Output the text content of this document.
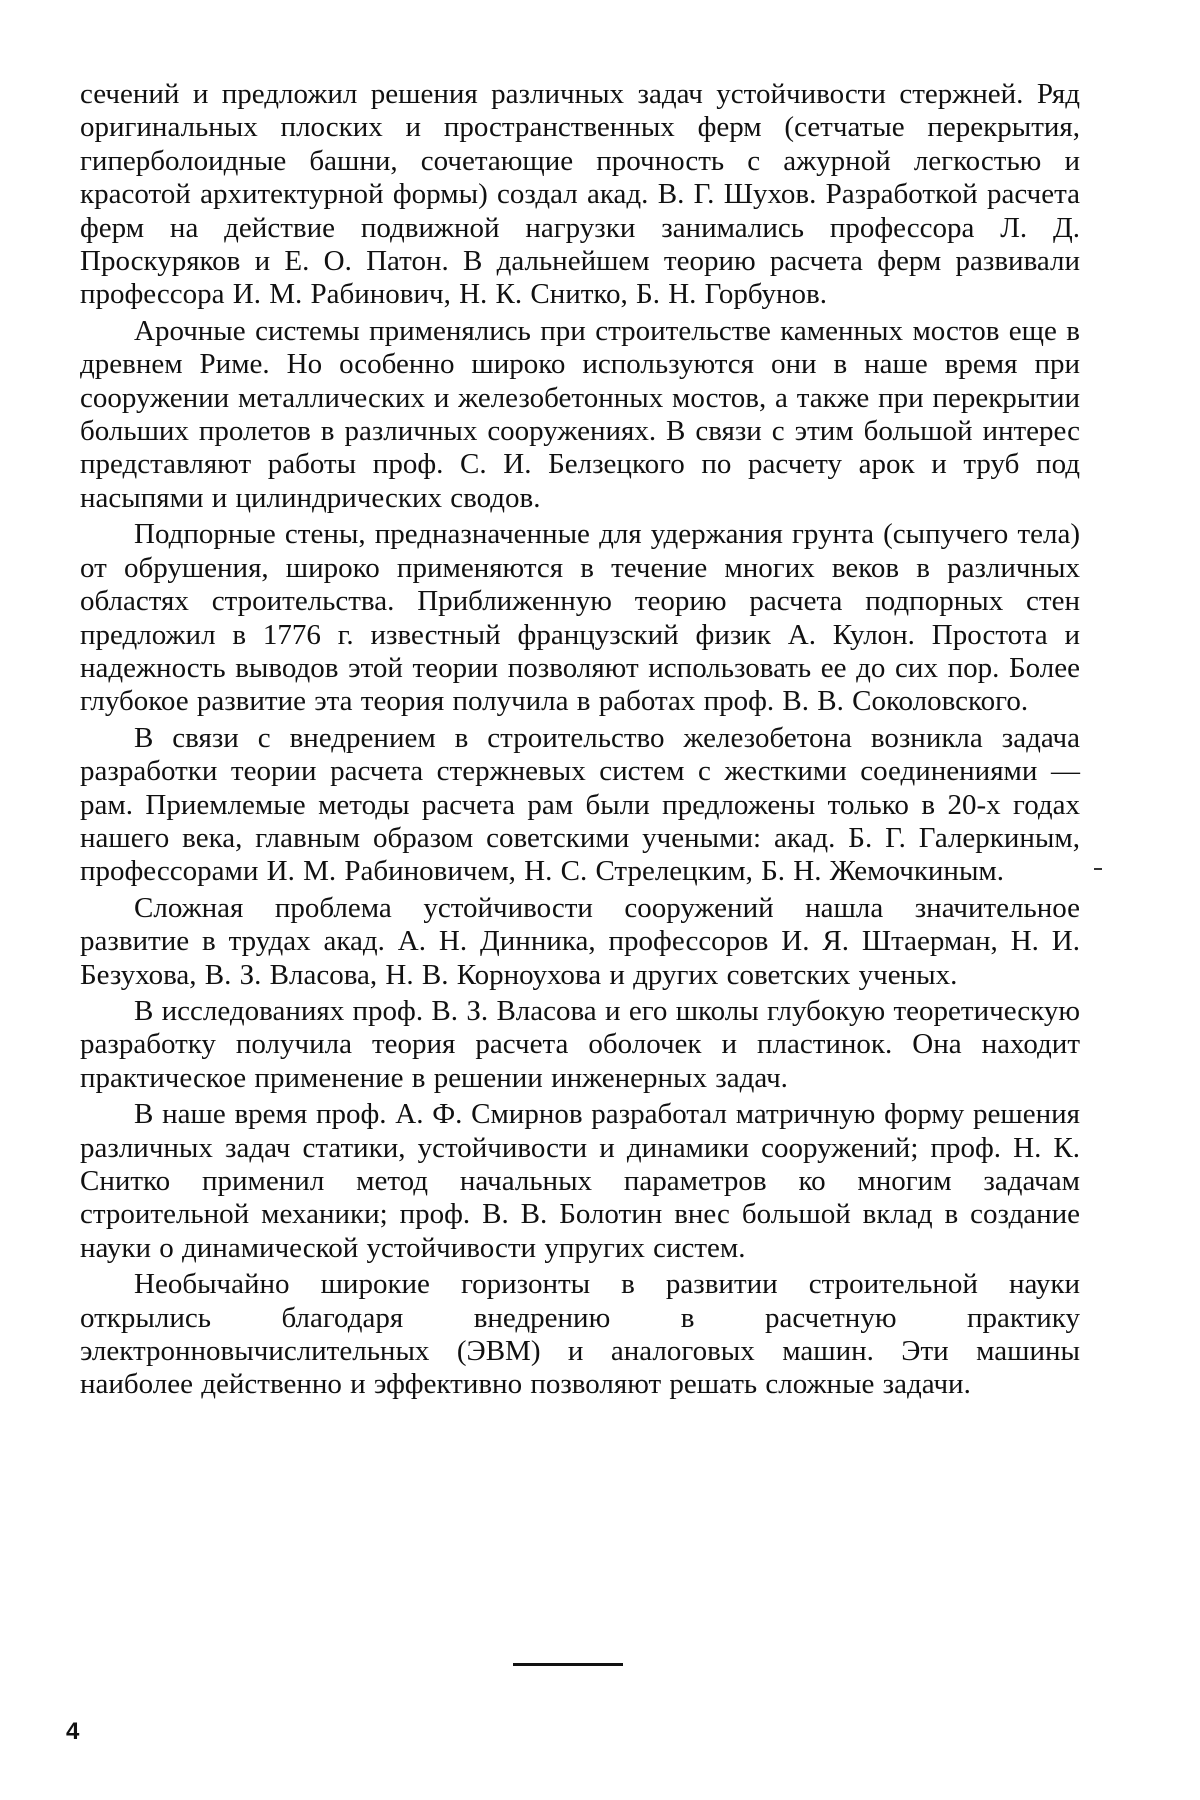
сечений и предложил решения различных задач устойчивости стержней. Ряд оригинальных плоских и пространственных ферм (сетчатые перекрытия, гиперболоидные башни, сочетающие прочность с ажурной легкостью и красотой архитектурной формы) создал акад. В. Г. Шухов. Разработкой расчета ферм на действие подвижной нагрузки занимались профессора Л. Д. Проскуряков и Е. О. Патон. В дальнейшем теорию расчета ферм развивали профессора И. М. Рабинович, Н. К. Снитко, Б. Н. Горбунов.

Арочные системы применялись при строительстве каменных мостов еще в древнем Риме. Но особенно широко используются они в наше время при сооружении металлических и железобетонных мостов, а также при перекрытии больших пролетов в различных сооружениях. В связи с этим большой интерес представляют работы проф. С. И. Белзецкого по расчету арок и труб под насыпями и цилиндрических сводов.

Подпорные стены, предназначенные для удержания грунта (сыпучего тела) от обрушения, широко применяются в течение многих веков в различных областях строительства. Приближенную теорию расчета подпорных стен предложил в 1776 г. известный французский физик А. Кулон. Простота и надежность выводов этой теории позволяют использовать ее до сих пор. Более глубокое развитие эта теория получила в работах проф. В. В. Соколовского.

В связи с внедрением в строительство железобетона возникла задача разработки теории расчета стержневых систем с жесткими соединениями — рам. Приемлемые методы расчета рам были предложены только в 20-х годах нашего века, главным образом советскими учеными: акад. Б. Г. Галеркиным, профессорами И. М. Рабиновичем, Н. С. Стрелецким, Б. Н. Жемочкиным.

Сложная проблема устойчивости сооружений нашла значительное развитие в трудах акад. А. Н. Динника, профессоров И. Я. Штаерман, Н. И. Безухова, В. З. Власова, Н. В. Корноухова и других советских ученых.

В исследованиях проф. В. З. Власова и его школы глубокую теоретическую разработку получила теория расчета оболочек и пластинок. Она находит практическое применение в решении инженерных задач.

В наше время проф. А. Ф. Смирнов разработал матричную форму решения различных задач статики, устойчивости и динамики сооружений; проф. Н. К. Снитко применил метод начальных параметров ко многим задачам строительной механики; проф. В. В. Болотин внес большой вклад в создание науки о динамической устойчивости упругих систем.

Необычайно широкие горизонты в развитии строительной науки открылись благодаря внедрению в расчетную практику электронновычислительных (ЭВМ) и аналоговых машин. Эти машины наиболее действенно и эффективно позволяют решать сложные задачи.

4
